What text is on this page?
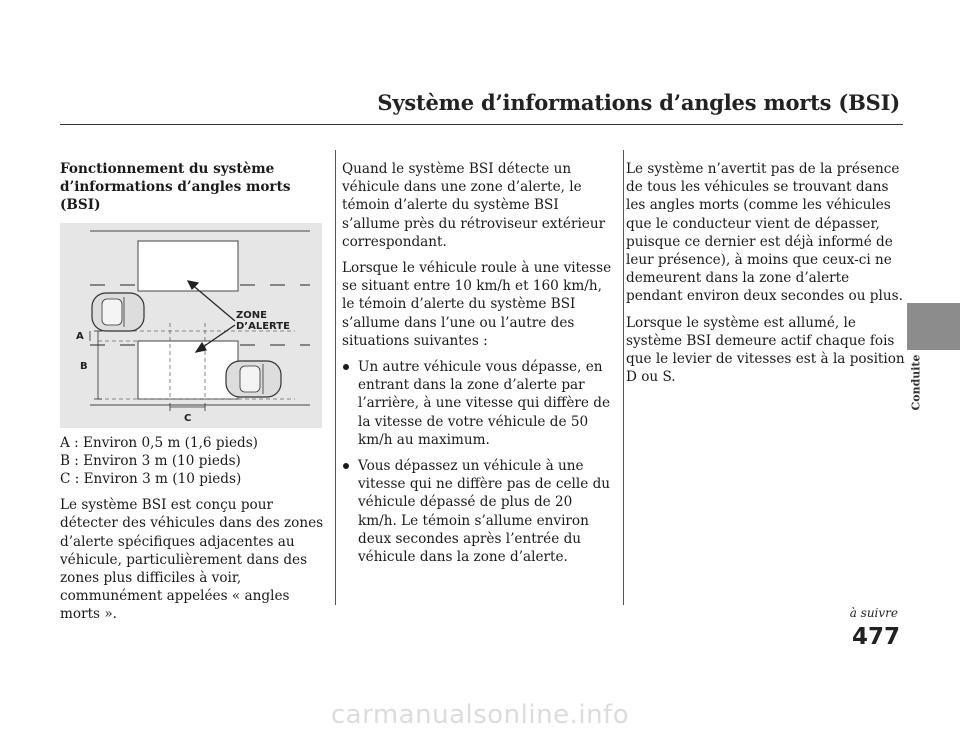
Système d’informations d’angles morts (BSI)
Fonctionnement du système d’informations d’angles morts (BSI)
ZONE
D’ALERTE
A
B
C
A : Environ 0,5 m (1,6 pieds)
B : Environ 3 m (10 pieds)
C : Environ 3 m (10 pieds)

Le système BSI est conçu pour détecter des véhicules dans des zones d’alerte spécifiques adjacentes au véhicule, particulièrement dans des zones plus difficiles à voir, communément appelées « angles morts ».

Quand le système BSI détecte un véhicule dans une zone d’alerte, le témoin d’alerte du système BSI s’allume près du rétroviseur extérieur correspondant.

Lorsque le véhicule roule à une vitesse se situant entre 10 km/h et 160 km/h, le témoin d’alerte du système BSI s’allume dans l’une ou l’autre des situations suivantes :

Un autre véhicule vous dépasse, en entrant dans la zone d’alerte par l’arrière, à une vitesse qui diffère de la vitesse de votre véhicule de 50 km/h au maximum.
Vous dépassez un véhicule à une vitesse qui ne diffère pas de celle du véhicule dépassé de plus de 20 km/h. Le témoin s’allume environ deux secondes après l’entrée du véhicule dans la zone d’alerte.

Le système n’avertit pas de la présence de tous les véhicules se trouvant dans les angles morts (comme les véhicules que le conducteur vient de dépasser, puisque ce dernier est déjà informé de leur présence), à moins que ceux-ci ne demeurent dans la zone d’alerte pendant environ deux secondes ou plus.

Lorsque le système est allumé, le système BSI demeure actif chaque fois que le levier de vitesses est à la position D ou S.	Conduite
à suivre
477
carmanualsonline.info
